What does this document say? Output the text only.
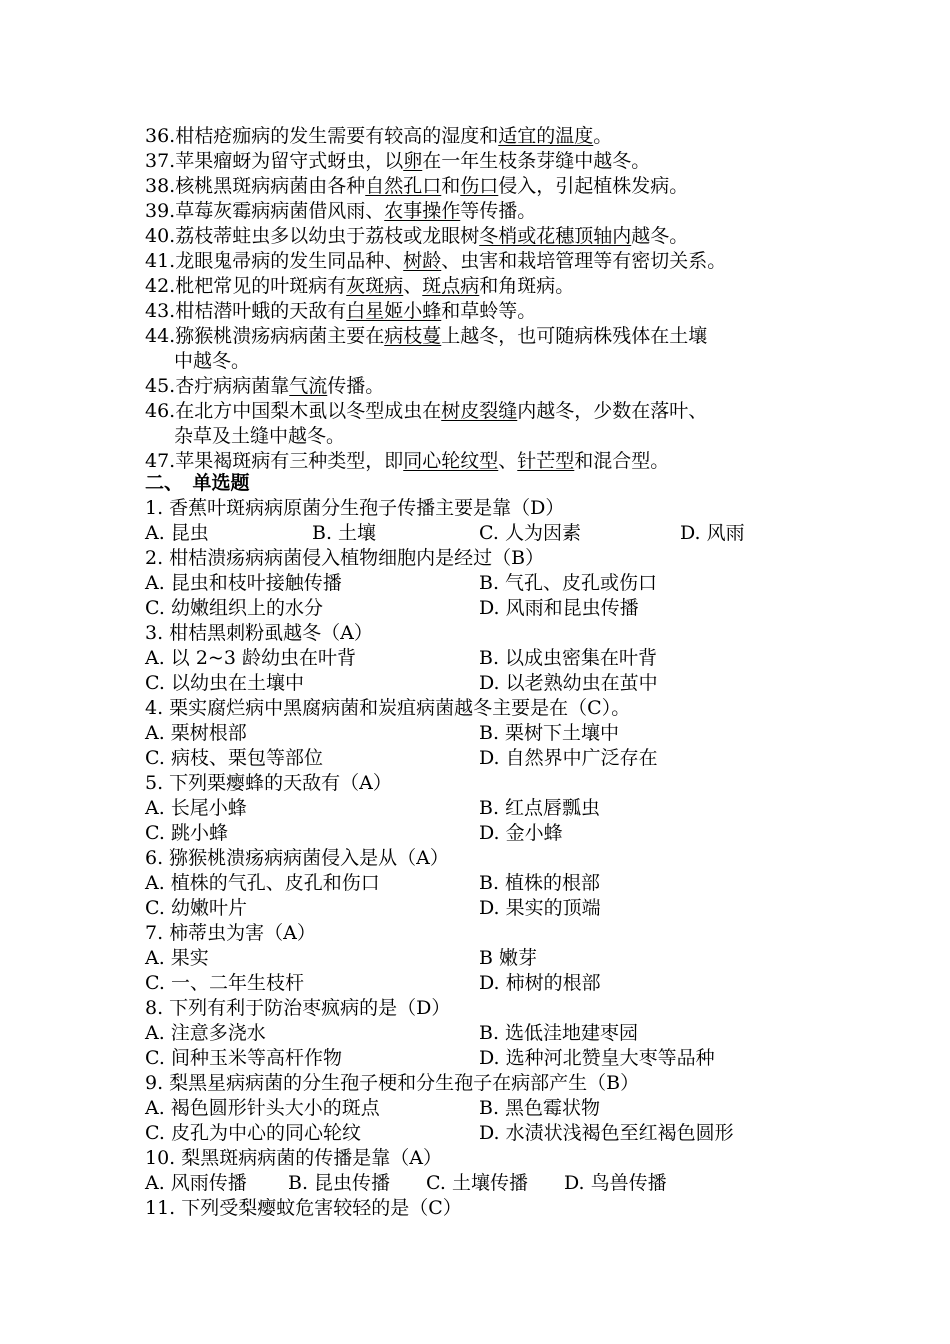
二、　单选题
1. 香蕉叶斑病病原菌分生孢子传播主要是靠（D）
A. 昆虫	B. 土壤	C. 人为因素	D. 风雨
2. 柑桔溃疡病病菌侵入植物细胞内是经过（B）
A. 昆虫和枝叶接触传播	B. 气孔、皮孔或伤口
C. 幼嫩组织上的水分	D. 风雨和昆虫传播
3. 柑桔黑刺粉虱越冬（A）
A. 以 2~3 龄幼虫在叶背	B. 以成虫密集在叶背
C. 以幼虫在土壤中	D. 以老熟幼虫在茧中
4. 栗实腐烂病中黑腐病菌和炭疽病菌越冬主要是在（C）。
A. 栗树根部	B. 栗树下土壤中
C. 病枝、栗包等部位	D. 自然界中广泛存在
5. 下列栗瘿蜂的天敌有（A）
A. 长尾小蜂	B. 红点唇瓢虫
C. 跳小蜂	D. 金小蜂
6. 猕猴桃溃疡病病菌侵入是从（A）
A. 植株的气孔、皮孔和伤口	B. 植株的根部
C. 幼嫩叶片	D. 果实的顶端
7. 柿蒂虫为害（A）
A. 果实	B 嫩芽
C. 一、二年生枝杆	D. 柿树的根部
8. 下列有利于防治枣疯病的是（D）
A. 注意多浇水	B. 选低洼地建枣园
C. 间种玉米等高杆作物	D. 选种河北赞皇大枣等品种
9. 梨黑星病病菌的分生孢子梗和分生孢子在病部产生（B）
A. 褐色圆形针头大小的斑点	B. 黑色霉状物
C. 皮孔为中心的同心轮纹	D. 水渍状浅褐色至红褐色圆形
10. 梨黑斑病病菌的传播是靠（A）
A. 风雨传播 B. 昆虫传播 C. 土壤传播 D. 鸟兽传播
11. 下列受梨瘿蚊危害较轻的是（C）
36.柑桔疮痂病的发生需要有较高的湿度和适宜的温度。
37.苹果瘤蚜为留守式蚜虫，以卵在一年生枝条芽缝中越冬。
38.核桃黑斑病病菌由各种自然孔口和伤口侵入，引起植株发病。
39.草莓灰霉病病菌借风雨、农事操作等传播。
40.荔枝蒂蛀虫多以幼虫于荔枝或龙眼树冬梢或花穗顶轴内越冬。
41.龙眼鬼帚病的发生同品种、树龄、虫害和栽培管理等有密切关系。
42.枇杷常见的叶斑病有灰斑病、斑点病和角斑病。
43.柑桔潜叶蛾的天敌有白星姬小蜂和草蛉等。
44.猕猴桃溃疡病病菌主要在病枝蔓上越冬，也可随病株残体在土壤
中越冬。
45.杏疔病病菌靠气流传播。
46.在北方中国梨木虱以冬型成虫在树皮裂缝内越冬，少数在落叶、
杂草及土缝中越冬。
47.苹果褐斑病有三种类型，即同心轮纹型、针芒型和混合型。
